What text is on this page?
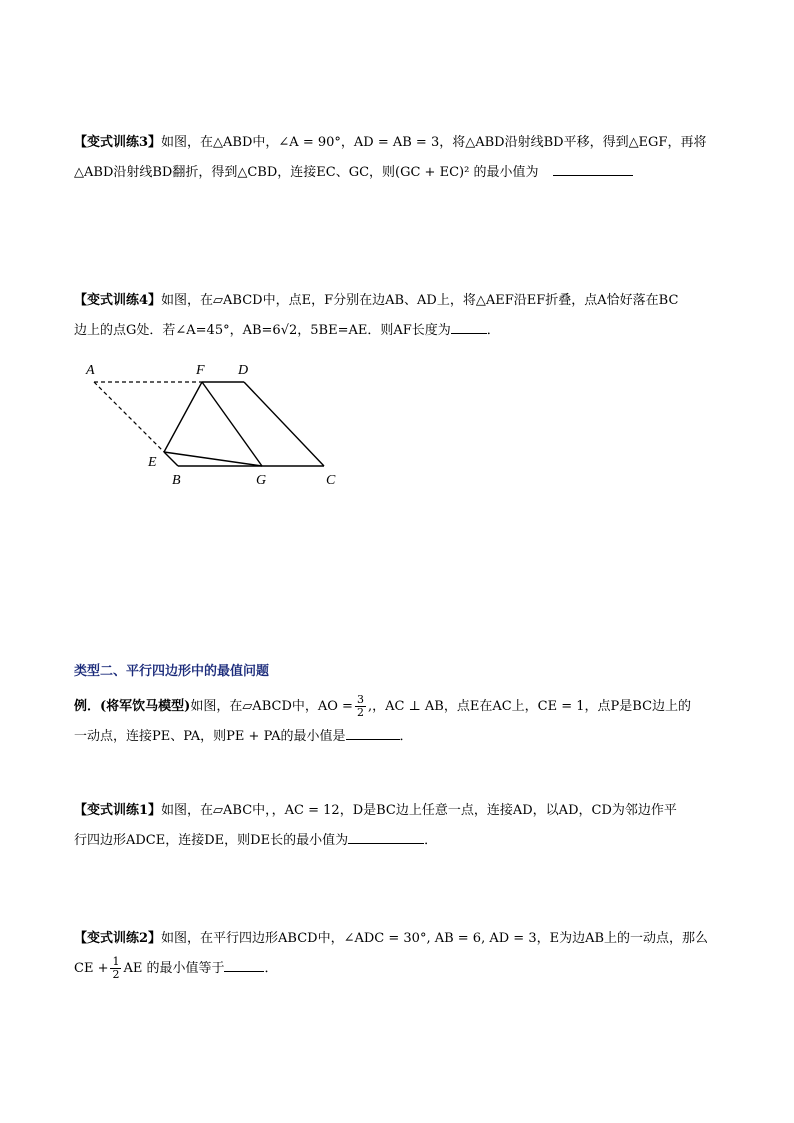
【变式训练3】如图，在△ABD中，∠A = 90°，AD = AB = 3，将△ABD沿射线BD平移，得到△EGF，再将
△ABD沿射线BD翻折，得到△CBD，连接EC、GC，则(GC + EC)² 的最小值为
【变式训练4】如图，在▱ABCD中，点E，F分别在边AB、AD上，将△AEF沿EF折叠，点A恰好落在BC
边上的点G处．若∠A=45°，AB=6√2，5BE=AE．则AF长度为	．
A	F D
E
B	G	C
类型二、平行四边形中的最值问题
例．(将军饮马模型)如图，在▱ABCD中，AO = $\frac{3}{2}$ ,，AC ⊥ AB，点E在AC上，CE = 1，点P是BC边上的
一动点，连接PE、PA，则PE + PA的最小值是	．
【变式训练1】如图，在▱ABC中，，AC = 12，D是BC边上任意一点，连接AD，以AD，CD为邻边作平
行四边形ADCE，连接DE，则DE长的最小值为	．
【变式训练2】如图，在平行四边形ABCD中，∠ADC = 30°, AB = 6, AD = 3，E为边AB上的一动点，那么
CE + $\frac{1}{2}$ AE 的最小值等于	．
